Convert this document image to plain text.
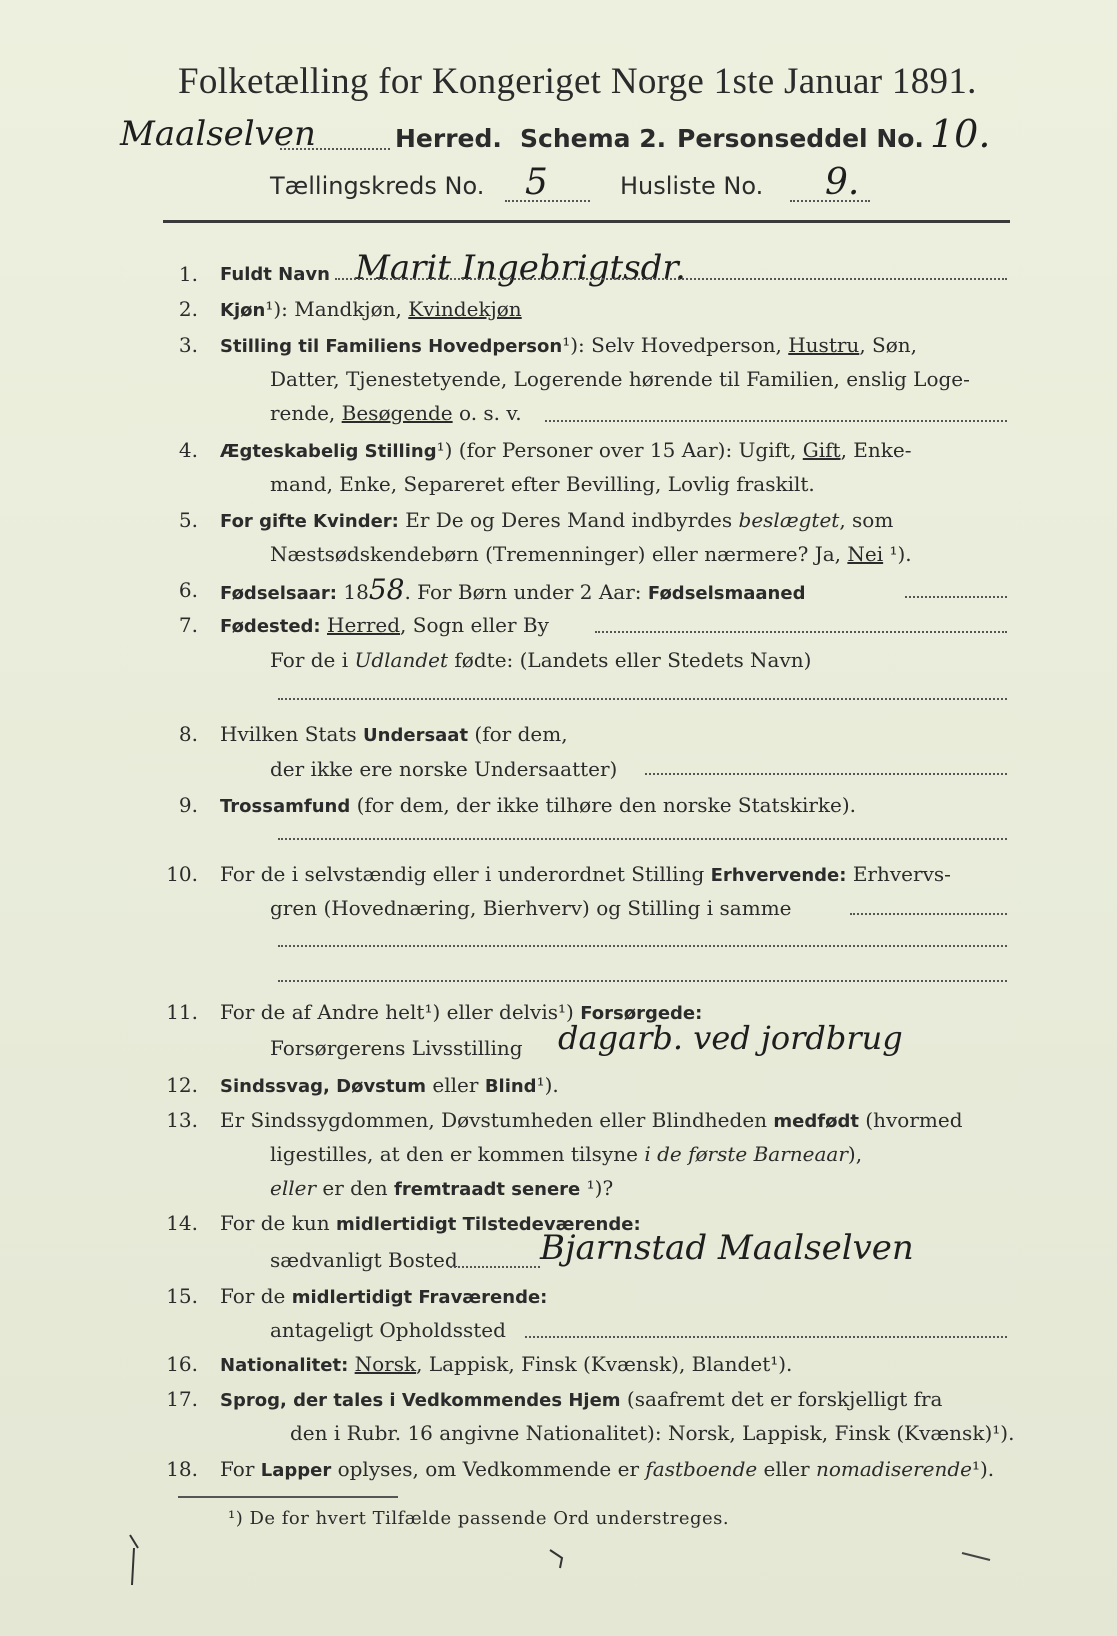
Folketælling for Kongeriget Norge 1ste Januar 1891.
Maalselven	Herred. Schema 2. Personseddel No. 10.
Tællingskreds No. 5	Husliste No. 9.
1. Fuldt Navn Marit Ingebrigtsdr.
2. Kjøn¹): Mandkjøn, Kvindekjøn
3. Stilling til Familiens Hovedperson¹): Selv Hovedperson, Hustru, Søn,
Datter, Tjenestetyende, Logerende hørende til Familien, enslig Loge-
rende, Besøgende o. s. v.
4. Ægteskabelig Stilling¹) (for Personer over 15 Aar): Ugift, Gift, Enke-
mand, Enke, Separeret efter Bevilling, Lovlig fraskilt.
5. For gifte Kvinder: Er De og Deres Mand indbyrdes beslægtet, som
Næstsødskendebørn (Tremenninger) eller nærmere? Ja, Nei ¹).
6. Fødselsaar: 1858. For Børn under 2 Aar: Fødselsmaaned
7. Fødested: Herred, Sogn eller By
For de i Udlandet fødte: (Landets eller Stedets Navn)
8. Hvilken Stats Undersaat (for dem,
der ikke ere norske Undersaatter)
9. Trossamfund (for dem, der ikke tilhøre den norske Statskirke).
10. For de i selvstændig eller i underordnet Stilling Erhvervende: Erhvervs-
gren (Hovednæring, Bierhverv) og Stilling i samme
11. For de af Andre helt¹) eller delvis¹) Forsørgede:
Forsørgerens Livsstilling dagarb. ved jordbrug
12. Sindssvag, Døvstum eller Blind¹).
13. Er Sindssygdommen, Døvstumheden eller Blindheden medfødt (hvormed
ligestilles, at den er kommen tilsyne i de første Barneaar),
eller er den fremtraadt senere ¹)?
14. For de kun midlertidigt Tilstedeværende:
sædvanligt Bosted Bjarnstad Maalselven
15. For de midlertidigt Fraværende:
antageligt Opholdssted
16. Nationalitet: Norsk, Lappisk, Finsk (Kvænsk), Blandet¹).
17. Sprog, der tales i Vedkommendes Hjem (saafremt det er forskjelligt fra
den i Rubr. 16 angivne Nationalitet): Norsk, Lappisk, Finsk (Kvænsk)¹).
18. For Lapper oplyses, om Vedkommende er fastboende eller nomadiserende¹).
¹) De for hvert Tilfælde passende Ord understreges.
